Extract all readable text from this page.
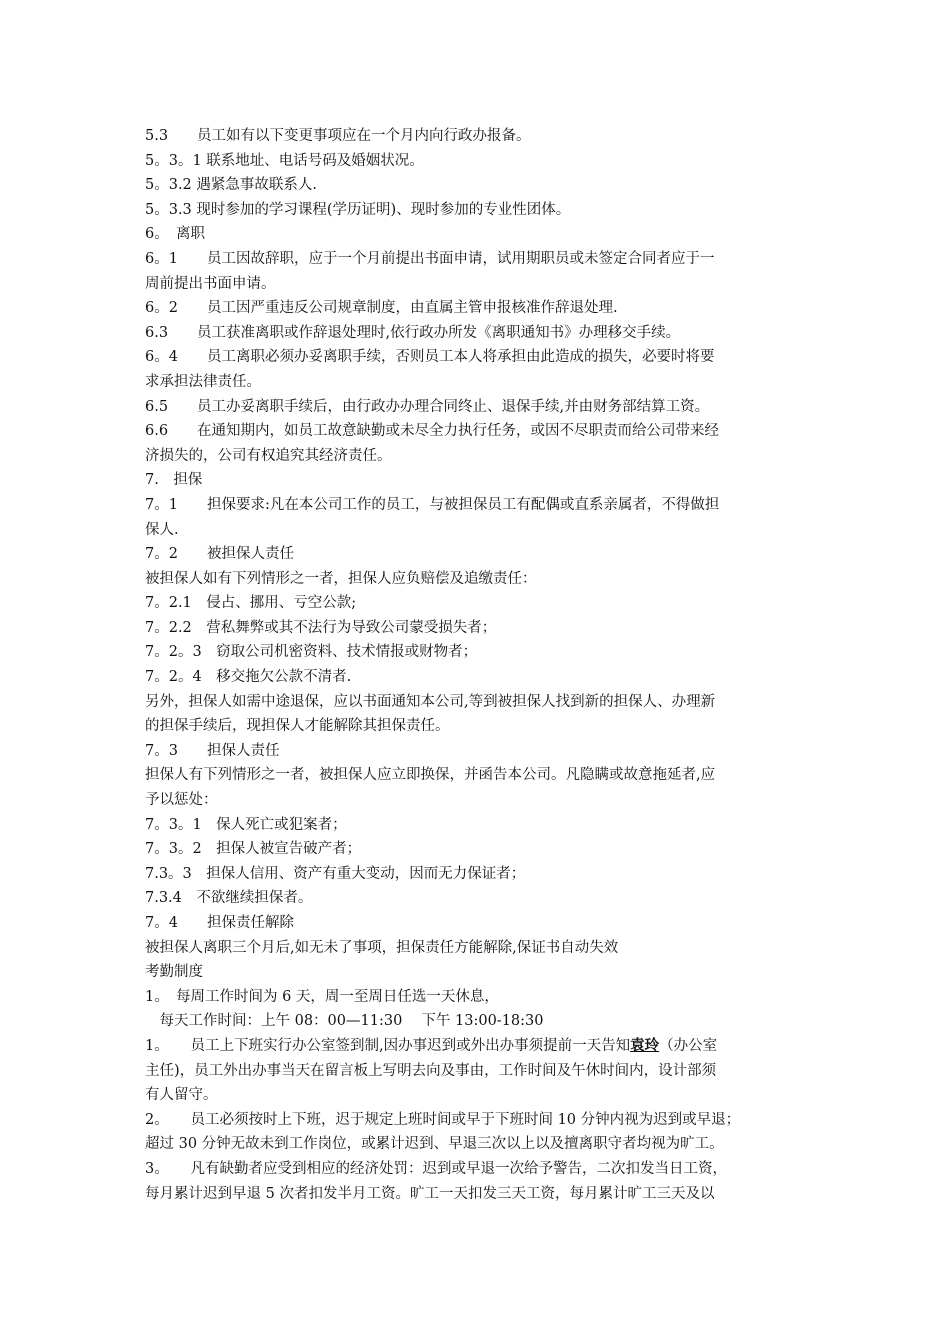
5.3　　员工如有以下变更事项应在一个月内向行政办报备。

5。3。1 联系地址、电话号码及婚姻状况。

5。3.2 遇紧急事故联系人.

5。3.3 现时参加的学习课程(学历证明)、现时参加的专业性团体。

6。　离职

6。1　　员工因故辞职，应于一个月前提出书面申请，试用期职员或未签定合同者应于一

周前提出书面申请。

6。2　　员工因严重违反公司规章制度，由直属主管申报核准作辞退处理.

6.3　　员工获准离职或作辞退处理时,依行政办所发《离职通知书》办理移交手续。

6。4　　员工离职必须办妥离职手续，否则员工本人将承担由此造成的损失，必要时将要

求承担法律责任。

6.5　　员工办妥离职手续后，由行政办办理合同终止、退保手续,并由财务部结算工资。

6.6　　在通知期内，如员工故意缺勤或未尽全力执行任务，或因不尽职责而给公司带来经

济损失的，公司有权追究其经济责任。

7.　担保

7。1　　担保要求:凡在本公司工作的员工，与被担保员工有配偶或直系亲属者，不得做担

保人.

7。2　　被担保人责任

被担保人如有下列情形之一者，担保人应负赔偿及追缴责任：

7。2.1　侵占、挪用、亏空公款;

7。2.2　营私舞弊或其不法行为导致公司蒙受损失者；

7。2。3　窃取公司机密资料、技术情报或财物者；

7。2。4　移交拖欠公款不清者.

另外，担保人如需中途退保，应以书面通知本公司,等到被担保人找到新的担保人、办理新

的担保手续后，现担保人才能解除其担保责任。

7。3　　担保人责任

担保人有下列情形之一者，被担保人应立即换保，并函告本公司。凡隐瞒或故意拖延者,应

予以惩处：

7。3。1　保人死亡或犯案者；

7。3。2　担保人被宣告破产者；

7.3。3　担保人信用、资产有重大变动，因而无力保证者；

7.3.4　不欲继续担保者。

7。4　　担保责任解除

被担保人离职三个月后,如无未了事项，担保责任方能解除,保证书自动失效

考勤制度

1。　每周工作时间为 6 天，周一至周日任选一天休息，

　每天工作时间：上午 08：00—11:30　 下午 13:00-18:30

1。　　员工上下班实行办公室签到制,因办事迟到或外出办事须提前一天告知袁玲（办公室

主任)，员工外出办事当天在留言板上写明去向及事由，工作时间及午休时间内，设计部须

有人留守。

2。　　员工必须按时上下班，迟于规定上班时间或早于下班时间 10 分钟内视为迟到或早退；

超过 30 分钟无故未到工作岗位，或累计迟到、早退三次以上以及擅离职守者均视为旷工。

3。　　凡有缺勤者应受到相应的经济处罚：迟到或早退一次给予警告，二次扣发当日工资，

每月累计迟到早退 5 次者扣发半月工资。旷工一天扣发三天工资，每月累计旷工三天及以
